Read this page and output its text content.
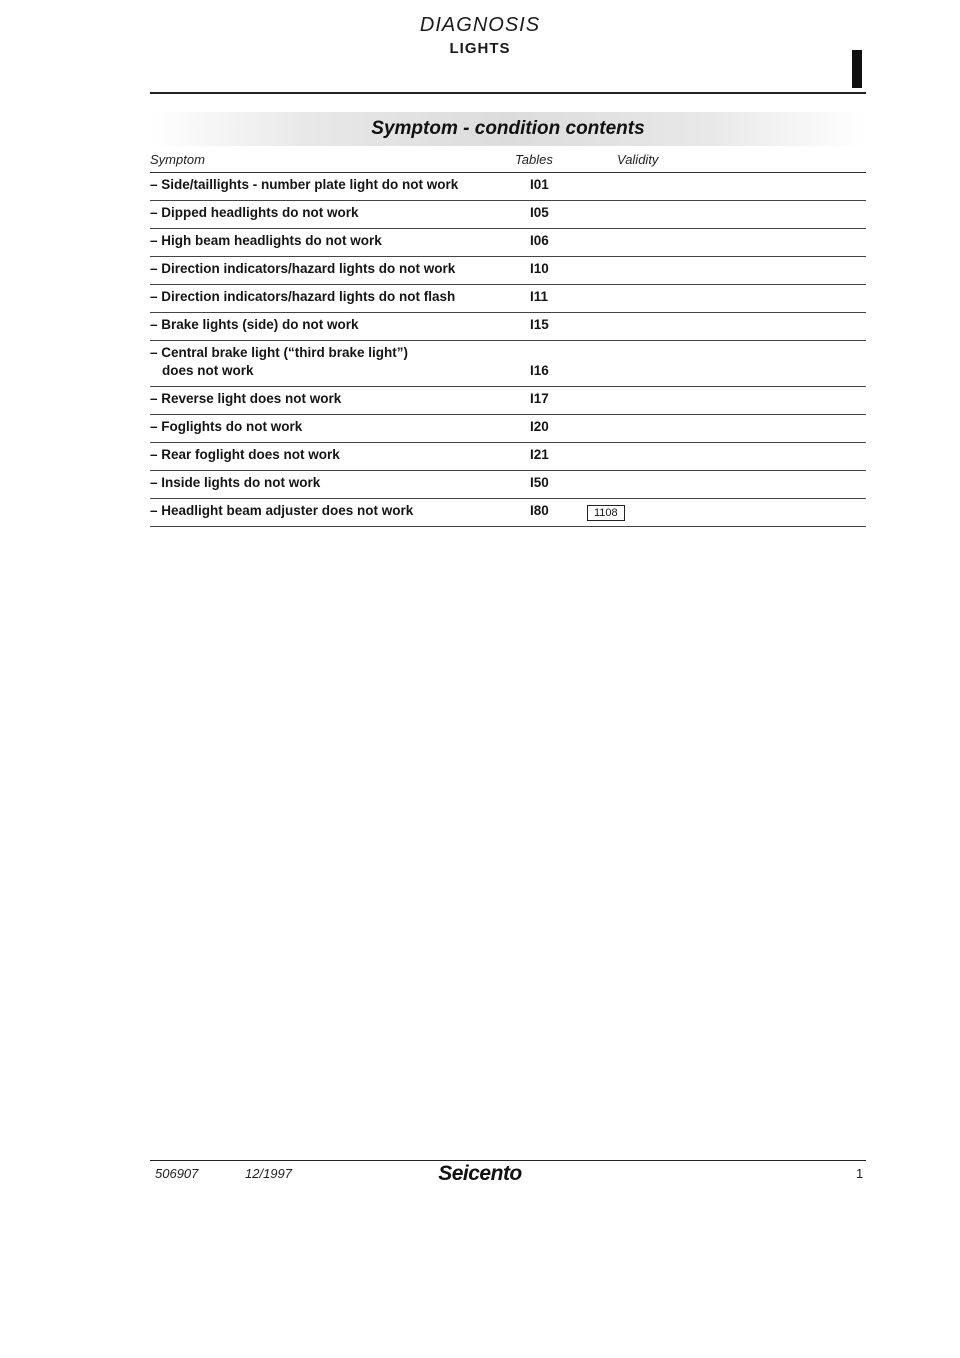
DIAGNOSIS
LIGHTS
Symptom - condition contents
Symptom	Tables	Validity
– Side/taillights - number plate light do not work	I01
– Dipped headlights do not work	I05
– High beam headlights do not work	I06
– Direction indicators/hazard lights do not work	I10
– Direction indicators/hazard lights do not flash	I11
– Brake lights (side) do not work	I15
– Central brake light (“third brake light”)
does not work	I16
– Reverse light does not work	I17
– Foglights do not work	I20
– Rear foglight does not work	I21
– Inside lights do not work	I50
– Headlight beam adjuster does not work	I80	1108
506907	12/1997	Seicento	1
